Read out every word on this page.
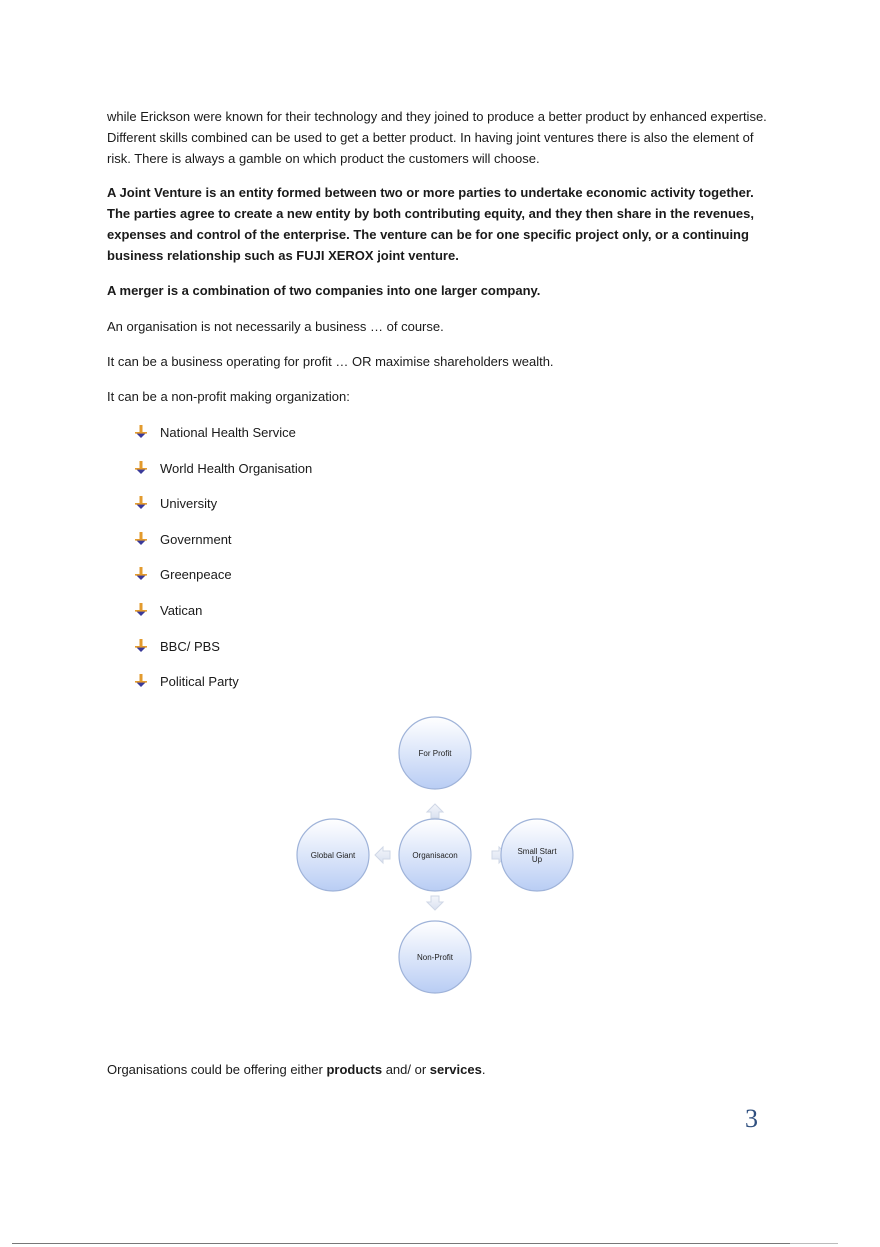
while Erickson were known for their technology and they joined to produce a better product by enhanced expertise. Different skills combined can be used to get a better product. In having joint ventures there is also the element of risk. There is always a gamble on which product the customers will choose.

A Joint Venture is an entity formed between two or more parties to undertake economic activity together. The parties agree to create a new entity by both contributing equity, and they then share in the revenues, expenses and control of the enterprise. The venture can be for one specific project only, or a continuing business relationship such as FUJI XEROX joint venture.

A merger is a combination of two companies into one larger company.

An organisation is not necessarily a business … of course.

It can be a business operating for profit … OR maximise shareholders wealth.

It can be a non-profit making organization:

National Health Service
World Health Organisation
University
Government
Greenpeace
Vatican
BBC/ PBS
Political Party
For Profit
Global Giant	Organisacon	Small Start
Up
Non-Profit

Organisations could be offering either products and/ or services.

3
